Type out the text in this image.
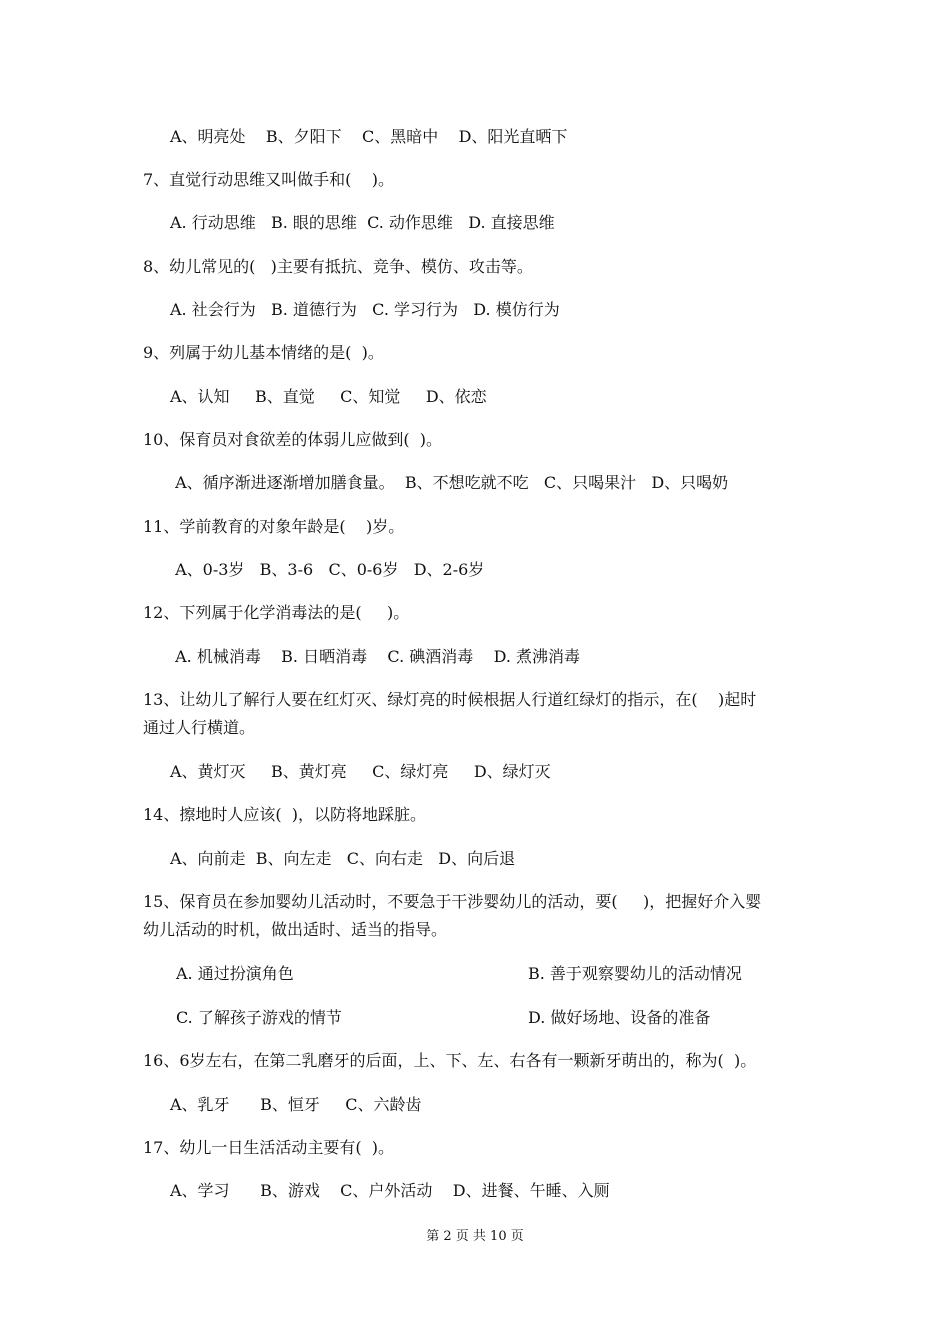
A、明亮处    B、夕阳下    C、黑暗中    D、阳光直晒下
7、直觉行动思维又叫做手和(    )。
A. 行动思维   B. 眼的思维  C. 动作思维   D. 直接思维
8、幼儿常见的(   )主要有抵抗、竞争、模仿、攻击等。
A. 社会行为   B. 道德行为   C. 学习行为   D. 模仿行为
9、列属于幼儿基本情绪的是(  )。
A、认知     B、直觉     C、知觉     D、依恋
10、保育员对食欲差的体弱儿应做到(  )。
A、循序渐进逐渐增加膳食量。  B、不想吃就不吃   C、只喝果汁   D、只喝奶
11、学前教育的对象年龄是(    )岁。
A、0-3岁   B、3-6   C、0-6岁   D、2-6岁
12、下列属于化学消毒法的是(     )。
A. 机械消毒    B. 日晒消毒    C. 碘酒消毒    D. 煮沸消毒
13、让幼儿了解行人要在红灯灭、绿灯亮的时候根据人行道红绿灯的指示，在(    )起时
通过人行横道。
A、黄灯灭     B、黄灯亮     C、绿灯亮     D、绿灯灭
14、擦地时人应该(  )，以防将地踩脏。
A、向前走  B、向左走   C、向右走   D、向后退
15、保育员在参加婴幼儿活动时，不要急于干涉婴幼儿的活动，要(     )，把握好介入婴
幼儿活动的时机，做出适时、适当的指导。
A. 通过扮演角色	B. 善于观察婴幼儿的活动情况
C. 了解孩子游戏的情节	D. 做好场地、设备的准备
16、6岁左右，在第二乳磨牙的后面，上、下、左、右各有一颗新牙萌出的，称为(  )。
A、乳牙      B、恒牙     C、六龄齿
17、幼儿一日生活活动主要有(  )。
A、学习      B、游戏    C、户外活动    D、进餐、午睡、入厕
第 2 页 共 10 页
